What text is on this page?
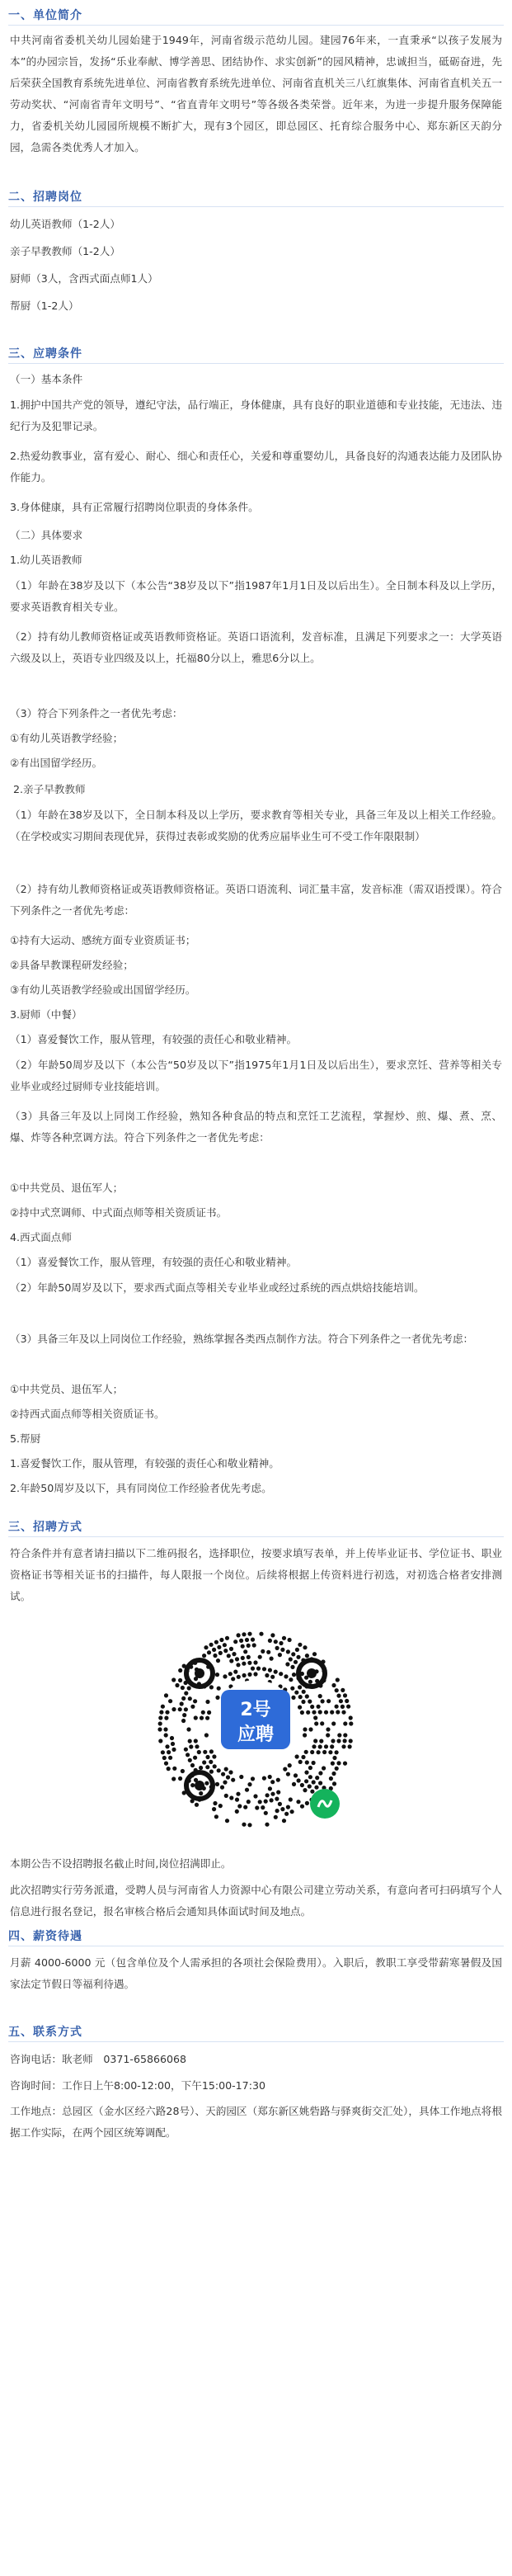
一、单位简介
中共河南省委机关幼儿园始建于1949年，河南省级示范幼儿园。建园76年来，一直秉承“以孩子发展为本”的办园宗旨，发扬“乐业奉献、博学善思、团结协作、求实创新”的园风精神，忠诚担当，砥砺奋进，先后荣获全国教育系统先进单位、河南省教育系统先进单位、河南省直机关三八红旗集体、河南省直机关五一劳动奖状、“河南省青年文明号”、“省直青年文明号”等各级各类荣誉。近年来，为进一步提升服务保障能力，省委机关幼儿园园所规模不断扩大，现有3个园区，即总园区、托育综合服务中心、郑东新区天韵分园，急需各类优秀人才加入。
二、招聘岗位
幼儿英语教师（1-2人）
亲子早教教师（1-2人）
厨师（3人，含西式面点师1人）
帮厨（1-2人）
三、应聘条件
（一）基本条件
1.拥护中国共产党的领导，遵纪守法，品行端正，身体健康，具有良好的职业道德和专业技能，无违法、违纪行为及犯罪记录。
2.热爱幼教事业，富有爱心、耐心、细心和责任心，关爱和尊重婴幼儿，具备良好的沟通表达能力及团队协作能力。
3.身体健康，具有正常履行招聘岗位职责的身体条件。
（二）具体要求
1.幼儿英语教师
（1）年龄在38岁及以下（本公告“38岁及以下”指1987年1月1日及以后出生）。全日制本科及以上学历，要求英语教育相关专业。
（2）持有幼儿教师资格证或英语教师资格证。英语口语流利，发音标准，且满足下列要求之一：大学英语六级及以上，英语专业四级及以上，托福80分以上，雅思6分以上。
（3）符合下列条件之一者优先考虑：
①有幼儿英语教学经验；
②有出国留学经历。
2.亲子早教教师
（1）年龄在38岁及以下，全日制本科及以上学历，要求教育等相关专业，具备三年及以上相关工作经验。（在学校或实习期间表现优异，获得过表彰或奖励的优秀应届毕业生可不受工作年限限制）
（2）持有幼儿教师资格证或英语教师资格证。英语口语流利、词汇量丰富，发音标准（需双语授课）。符合下列条件之一者优先考虑：
①持有大运动、感统方面专业资质证书；
②具备早教课程研发经验；
③有幼儿英语教学经验或出国留学经历。
3.厨师（中餐）
（1）喜爱餐饮工作，服从管理，有较强的责任心和敬业精神。
（2）年龄50周岁及以下（本公告“50岁及以下”指1975年1月1日及以后出生），要求烹饪、营养等相关专业毕业或经过厨师专业技能培训。
（3）具备三年及以上同岗工作经验，熟知各种食品的特点和烹饪工艺流程，掌握炒、煎、爆、煮、烹、爆、炸等各种烹调方法。符合下列条件之一者优先考虑：
①中共党员、退伍军人；
②持中式烹调师、中式面点师等相关资质证书。
4.西式面点师
（1）喜爱餐饮工作，服从管理，有较强的责任心和敬业精神。
（2）年龄50周岁及以下，要求西式面点等相关专业毕业或经过系统的西点烘焙技能培训。
（3）具备三年及以上同岗位工作经验，熟练掌握各类西点制作方法。符合下列条件之一者优先考虑：
①中共党员、退伍军人；
②持西式面点师等相关资质证书。
5.帮厨
1.喜爱餐饮工作，服从管理，有较强的责任心和敬业精神。
2.年龄50周岁及以下，具有同岗位工作经验者优先考虑。
三、招聘方式
2号
应聘
本期公告不设招聘报名截止时间,岗位招满即止。
此次招聘实行劳务派遣，受聘人员与河南省人力资源中心有限公司建立劳动关系，有意向者可扫码填写个人信息进行报名登记，报名审核合格后会通知具体面试时间及地点。
四、薪资待遇
月薪 4000-6000 元（包含单位及个人需承担的各项社会保险费用）。入职后，教职工享受带薪寒暑假及国家法定节假日等福利待遇。
五、联系方式
咨询电话：耿老师　0371-65866068
咨询时间：工作日上午8:00-12:00，下午15:00-17:30
工作地点：总园区（金水区经六路28号）、天韵园区（郑东新区姚砦路与驿爽街交汇处），具体工作地点将根据工作实际，在两个园区统筹调配。
符合条件并有意者请扫描以下二维码报名，选择职位，按要求填写表单，并上传毕业证书、学位证书、职业资格证书等相关证书的扫描件，每人限报一个岗位。后续将根据上传资料进行初选，对初选合格者安排测试。
